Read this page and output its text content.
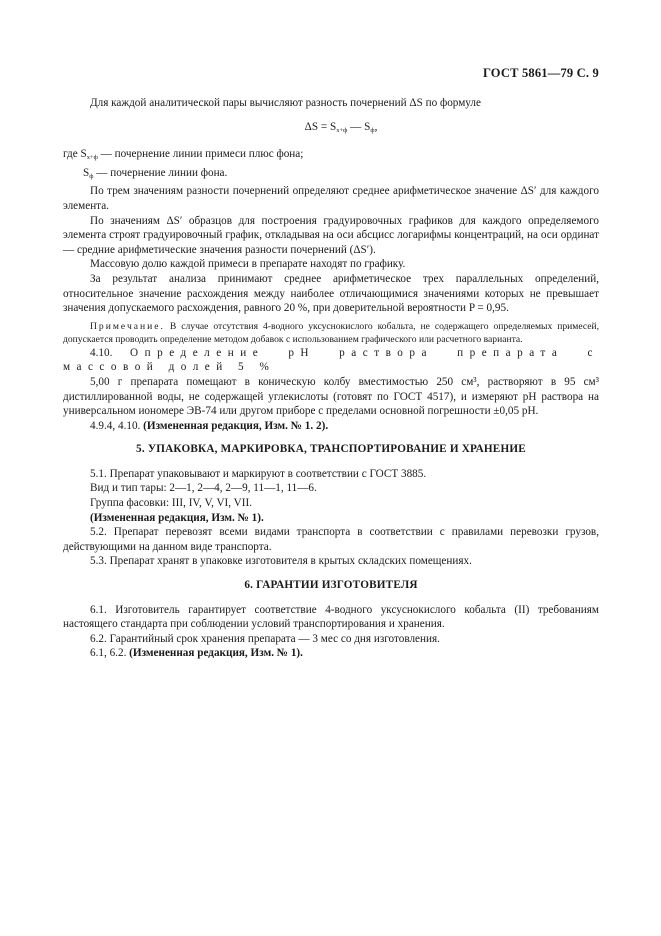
ГОСТ 5861—79 С. 9

Для каждой аналитической пары вычисляют разность почернений ΔS по формуле

$\Delta S = S_{x+ф}$ — $S_ф$,

где $S_{x+ф}$ — почернение линии примеси плюс фона;

$S_ф$ — почернение линии фона.

По трем значениям разности почернений определяют среднее арифметическое значение ΔS′ для каждого элемента.

По значениям ΔS′ образцов для построения градуировочных графиков для каждого определяемого элемента строят градуировочный график, откладывая на оси абсцисс логарифмы концентраций, на оси ординат — средние арифметические значения разности почернений (ΔS′).

Массовую долю каждой примеси в препарате находят по графику.

За результат анализа принимают среднее арифметическое трех параллельных определений, относительное значение расхождения между наиболее отличающимися значениями которых не превышает значения допускаемого расхождения, равного 20 %, при доверительной вероятности P = 0,95.

Примечание. В случае отсутствия 4-водного уксуснокислого кобальта, не содержащего определяемых примесей, допускается проводить определение методом добавок с использованием графического или расчетного варианта.

4.10. Определение pH раствора препарата с массовой долей 5 %

5,00 г препарата помещают в коническую колбу вместимостью 250 см³, растворяют в 95 см³ дистиллированной воды, не содержащей углекислоты (готовят по ГОСТ 4517), и измеряют pH раствора на универсальном иономере ЭВ-74 или другом приборе с пределами основной погрешности ±0,05 pH.

4.9.4, 4.10. (Измененная редакция, Изм. № 1. 2).

5. УПАКОВКА, МАРКИРОВКА, ТРАНСПОРТИРОВАНИЕ И ХРАНЕНИЕ

5.1. Препарат упаковывают и маркируют в соответствии с ГОСТ 3885.

Вид и тип тары: 2—1, 2—4, 2—9, 11—1, 11—6.

Группа фасовки: III, IV, V, VI, VII.

(Измененная редакция, Изм. № 1).

5.2. Препарат перевозят всеми видами транспорта в соответствии с правилами перевозки грузов, действующими на данном виде транспорта.

5.3. Препарат хранят в упаковке изготовителя в крытых складских помещениях.

6. ГАРАНТИИ ИЗГОТОВИТЕЛЯ

6.1. Изготовитель гарантирует соответствие 4-водного уксуснокислого кобальта (II) требованиям настоящего стандарта при соблюдении условий транспортирования и хранения.

6.2. Гарантийный срок хранения препарата — 3 мес со дня изготовления.

6.1, 6.2. (Измененная редакция, Изм. № 1).
